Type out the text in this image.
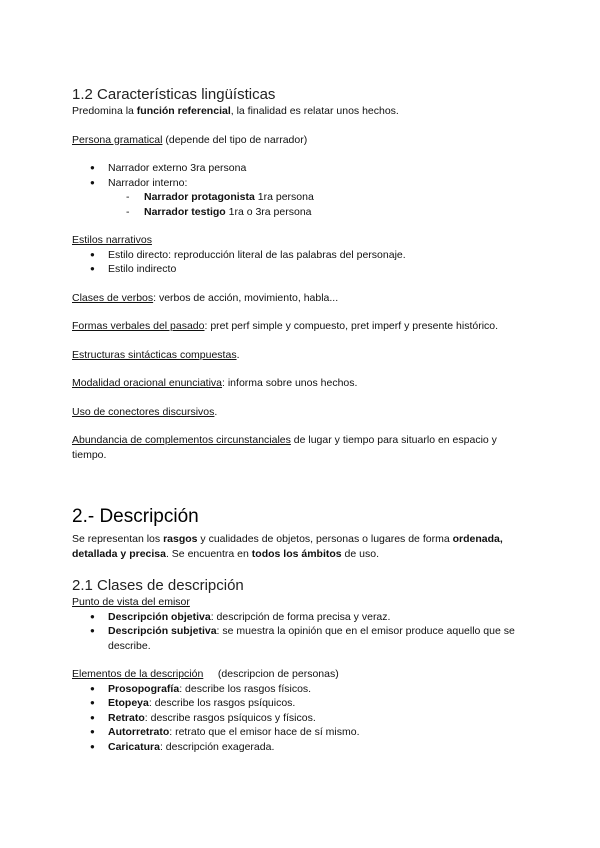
1.2 Características lingüísticas

Predomina la función referencial, la finalidad es relatar unos hechos.

Persona gramatical (depende del tipo de narrador)

● Narrador externo 3ra persona
● Narrador interno:
- Narrador protagonista 1ra persona
- Narrador testigo 1ra o 3ra persona

Estilos narrativos

● Estilo directo: reproducción literal de las palabras del personaje.
● Estilo indirecto

Clases de verbos: verbos de acción, movimiento, habla...

Formas verbales del pasado: pret perf simple y compuesto, pret imperf y presente histórico.

Estructuras sintácticas compuestas.

Modalidad oracional enunciativa: informa sobre unos hechos.

Uso de conectores discursivos.

Abundancia de complementos circunstanciales de lugar y tiempo para situarlo en espacio y tiempo.

2.- Descripción

Se representan los rasgos y cualidades de objetos, personas o lugares de forma ordenada, detallada y precisa. Se encuentra en todos los ámbitos de uso.

2.1 Clases de descripción

Punto de vista del emisor

● Descripción objetiva: descripción de forma precisa y veraz.
● Descripción subjetiva: se muestra la opinión que en el emisor produce aquello que se describe.

Elementos de la descripción     (descripcion de personas)

● Prosopografía: describe los rasgos físicos.
● Etopeya: describe los rasgos psíquicos.
● Retrato: describe rasgos psíquicos y físicos.
● Autorretrato: retrato que el emisor hace de sí mismo.
● Caricatura: descripción exagerada.
